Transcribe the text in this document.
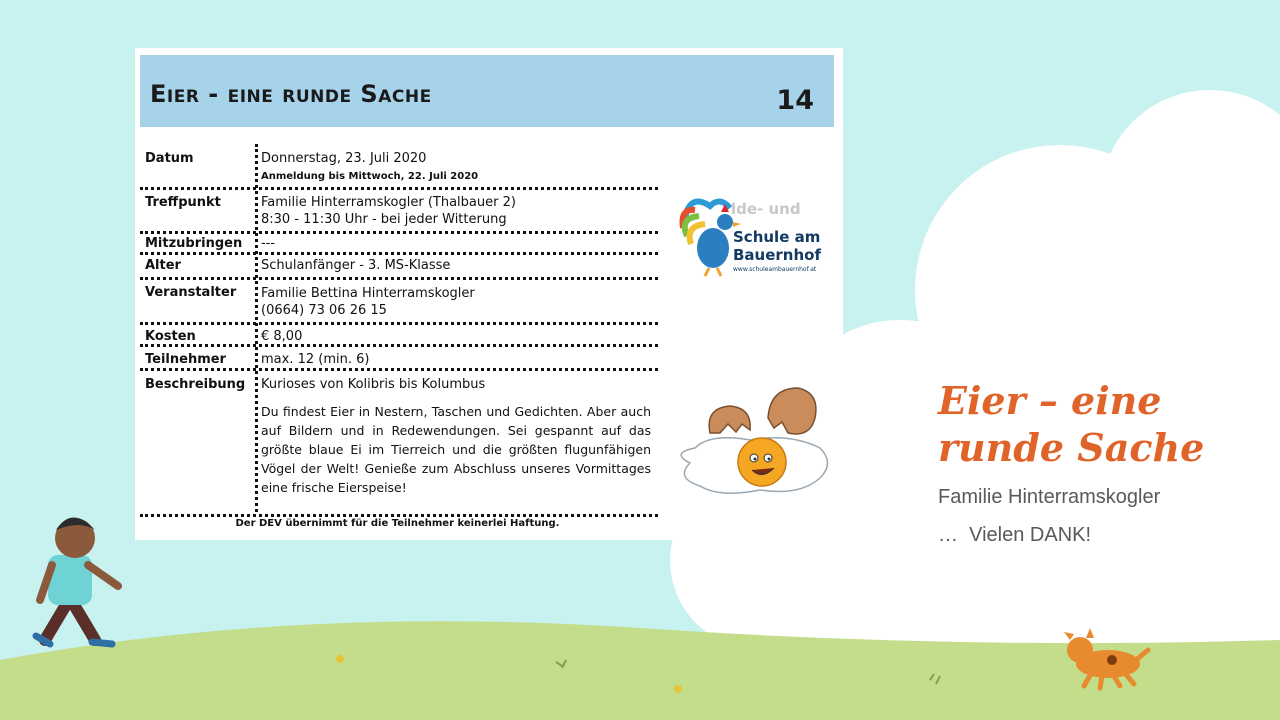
Eier - eine runde Sache	14
Datum	Donnerstag, 23. Juli 2020
Anmeldung bis Mittwoch, 22. Juli 2020
Treffpunkt	Familie Hinterramskogler (Thalbauer 2)
8:30 - 11:30 Uhr - bei jeder Witterung
Mitzubringen ---
Alter	Schulanfänger - 3. MS-Klasse
Veranstalter Familie Bettina Hinterramskogler
(0664) 73 06 26 15
Kosten	€ 8,00
Teilnehmer	max. 12 (min. 6)
Beschreibung Kurioses von Kolibris bis Kolumbus
Du findest Eier in Nestern, Taschen und Gedichten. Aber auch auf Bildern und in Redewendungen. Sei gespannt auf das größte blaue Ei im Tierreich und die größten flugunfähigen Vögel der Welt! Genieße zum Abschluss unseres Vormittages eine frische Eierspeise!
Der DEV übernimmt für die Teilnehmer keinerlei Haftung.
lde- und
Schule am
Bauernhof
www.schuleambauernhof.at
Eier – eine
runde Sache
Familie Hinterramskogler
…  Vielen DANK!
